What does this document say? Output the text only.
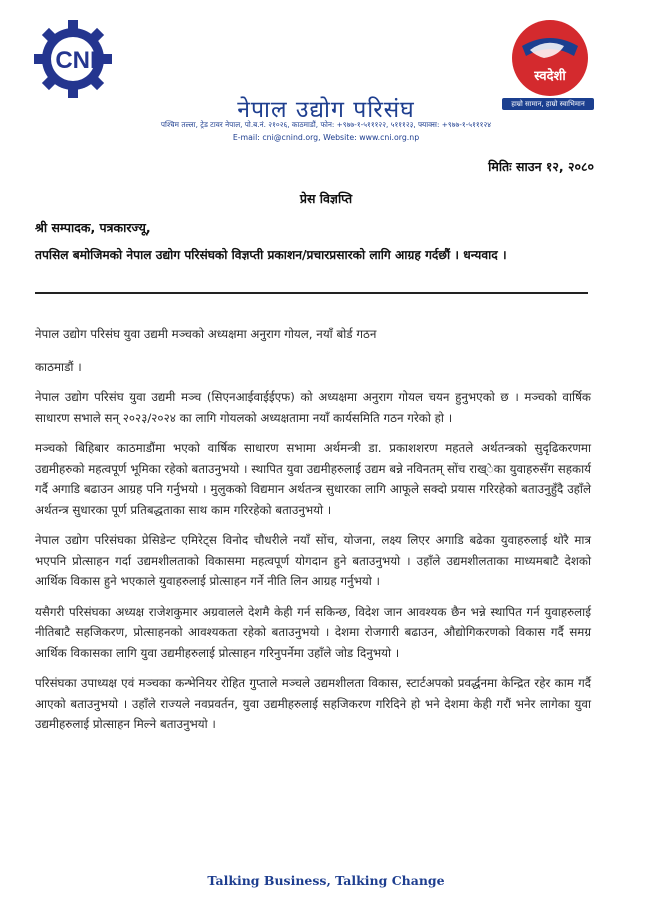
CNI
स्वदेशी
हाम्रो सामान, हाम्रो स्वाभिमान
नेपाल उद्योग परिसंघ
पश्चिम तल्ला, ट्रेड टावर नेपाल, पो.ब.नं. २१०२६, काठमाडौं, फोन: +९७७-१-५१११२२, ५१११२३, फ्याक्स: +९७७-१-५१११२४
E-mail: cni@cnind.org, Website: www.cni.org.np
मितिः साउन १२, २०८०
प्रेस विज्ञप्ति
श्री सम्पादक, पत्रकारज्यू,
तपसिल बमोजिमको नेपाल उद्योग परिसंघको विज्ञप्ती प्रकाशन/प्रचारप्रसारको लागि आग्रह गर्दछौं । धन्यवाद ।

नेपाल उद्योग परिसंघ युवा उद्यमी मञ्चको अध्यक्षमा अनुराग गोयल, नयाँ बोर्ड गठन

काठमाडौं ।

नेपाल उद्योग परिसंघ युवा उद्यमी मञ्च (सिएनआईवाईईएफ) को अध्यक्षमा अनुराग गोयल चयन हुनुभएको छ । मञ्चको वार्षिक साधारण सभाले सन् २०२३/२०२४ का लागि गोयलको अध्यक्षतामा नयाँ कार्यसमिति गठन गरेको हो ।

मञ्चको बिहिबार काठमाडौंमा भएको वार्षिक साधारण सभामा अर्थमन्त्री डा. प्रकाशशरण महतले अर्थतन्त्रको सुदृढिकरणमा उद्यमीहरुको महत्वपूर्ण भूमिका रहेको बताउनुभयो । स्थापित युवा उद्यमीहरुलाई उद्यम बन्ने नविनतम् सोंच राख्ेका युवाहरुसँग सहकार्य गर्दै अगाडि बढाउन आग्रह पनि गर्नुभयो । मुलुकको विद्यमान अर्थतन्त्र सुधारका लागि आफूले सक्दो प्रयास गरिरहेको बताउनुहुँदै उहाँले अर्थतन्त्र सुधारका पूर्ण प्रतिबद्धताका साथ काम गरिरहेको बताउनुभयो ।

नेपाल उद्योग परिसंघका प्रेसिडेन्ट एमिरेट्स विनोद चौधरीले नयाँ सोंच, योजना, लक्ष्य लिएर अगाडि बढेका युवाहरुलाई थोरै मात्र भएपनि प्रोत्साहन गर्दा उद्यमशीलताको विकासमा महत्वपूर्ण योगदान हुने बताउनुभयो । उहाँले उद्यमशीलताका माध्यमबाटै देशको आर्थिक विकास हुने भएकाले युवाहरुलाई प्रोत्साहन गर्ने नीति लिन आग्रह गर्नुभयो ।

यसैगरी परिसंघका अध्यक्ष राजेशकुमार अग्रवालले देशमै केही गर्न सकिन्छ, विदेश जान आवश्यक छैन भन्ने स्थापित गर्न युवाहरुलाई नीतिबाटै सहजिकरण, प्रोत्साहनको आवश्यकता रहेको बताउनुभयो । देशमा रोजगारी बढाउन, औद्योगिकरणको विकास गर्दै समग्र आर्थिक विकासका लागि युवा उद्यमीहरुलाई प्रोत्साहन गरिनुपर्नेमा उहाँले जोड दिनुभयो ।

परिसंघका उपाध्यक्ष एवं मञ्चका कन्भेनियर रोहित गुप्ताले मञ्चले उद्यमशीलता विकास, स्टार्टअपको प्रवर्द्धनमा केन्द्रित रहेर काम गर्दै आएको बताउनुभयो । उहाँले राज्यले नवप्रवर्तन, युवा उद्यमीहरुलाई सहजिकरण गरिदिने हो भने देशमा केही गरौं भनेर लागेका युवा उद्यमीहरुलाई प्रोत्साहन मिल्ने बताउनुभयो ।

Talking Business, Talking Change
